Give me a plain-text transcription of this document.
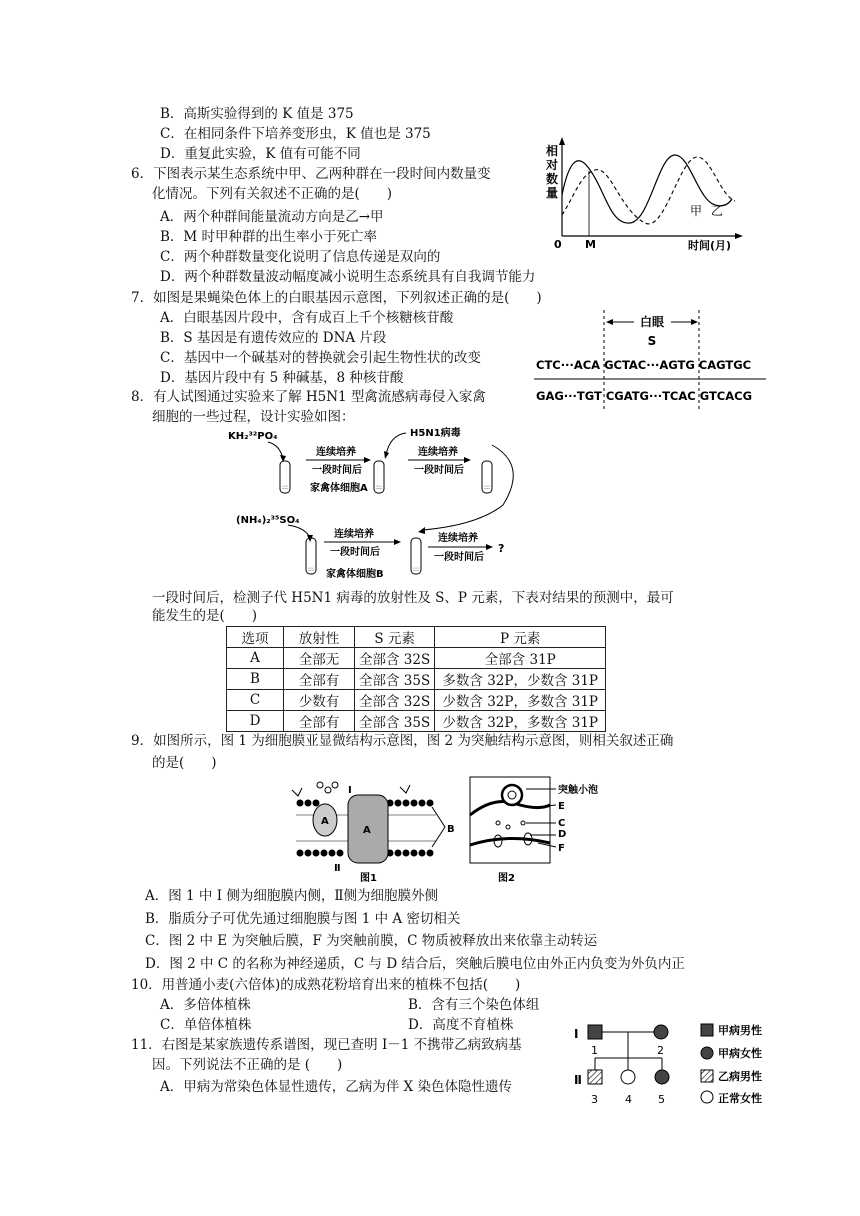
B．高斯实验得到的 K 值是 375
C．在相同条件下培养变形虫，K 值也是 375
D．重复此实验，K 值有可能不同
6．下图表示某生态系统中甲、乙两种群在一段时间内数量变
化情况。下列有关叙述不正确的是(　　)
A．两个种群间能量流动方向是乙→甲
B．M 时甲种群的出生率小于死亡率
C．两个种群数量变化说明了信息传递是双向的
D．两个种群数量波动幅度减小说明生态系统具有自我调节能力
相
对
数
量
0 M	时间(月)
甲 乙
7．如图是果蝇染色体上的白眼基因示意图，下列叙述正确的是(　　)
A．白眼基因片段中，含有成百上千个核糖核苷酸
B．S 基因是有遗传效应的 DNA 片段
C．基因中一个碱基对的替换就会引起生物性状的改变
D．基因片段中有 5 种碱基，8 种核苷酸
白眼
S
CTC···ACA GCTAC···AGTG CAGTGC
GAG···TGT CGATG···TCAC GTCACG
8．有人试图通过实验来了解 H5N1 型禽流感病毒侵入家禽
细胞的一些过程，设计实验如图：
KH₂³²PO₄
:::
连续培养
一段时间后
家禽体细胞A :::
H5N1病毒
连续培养
一段时间后
:::
(NH₄)₂³⁵SO₄
:::
连续培养
一段时间后
家禽体细胞B	:::
连续培养
一段时间后
?
一段时间后，检测子代 H5N1 病毒的放射性及 S、P 元素，下表对结果的预测中，最可
能发生的是(　　)
选项	放射性	S 元素	P 元素
A	全部无	全部含 32S	全部含 31P
B	全部有	全部含 35S	多数含 32P，少数含 31P
C	少数有	全部含 32S	少数含 32P，多数含 31P
D	全部有	全部含 35S	少数含 32P，多数含 31P
9．如图所示，图 1 为细胞膜亚显微结构示意图，图 2 为突触结构示意图，则相关叙述正确
的是(　　)
A
A
Ⅰ
Ⅱ
B
图1
突触小泡
E
C
D
F
图2
A．图 1 中 I 侧为细胞膜内侧，Ⅱ侧为细胞膜外侧
B．脂质分子可优先通过细胞膜与图 1 中 A 密切相关
C．图 2 中 E 为突触后膜，F 为突触前膜，C 物质被释放出来依靠主动转运
D．图 2 中 C 的名称为神经递质，C 与 D 结合后，突触后膜电位由外正内负变为外负内正
10．用普通小麦(六倍体)的成熟花粉培育出来的植株不包括(　　)
A．多倍体植株	B．含有三个染色体组
C．单倍体植株	D．高度不育植株
11．右图是某家族遗传系谱图，现已查明 Ⅰ－1 不携带乙病致病基
因。下列说法不正确的是 (　　)
A．甲病为常染色体显性遗传，乙病为伴 X 染色体隐性遗传
I
1	2
Ⅱ
3 4 5
甲病男性
甲病女性
乙病男性
正常女性
